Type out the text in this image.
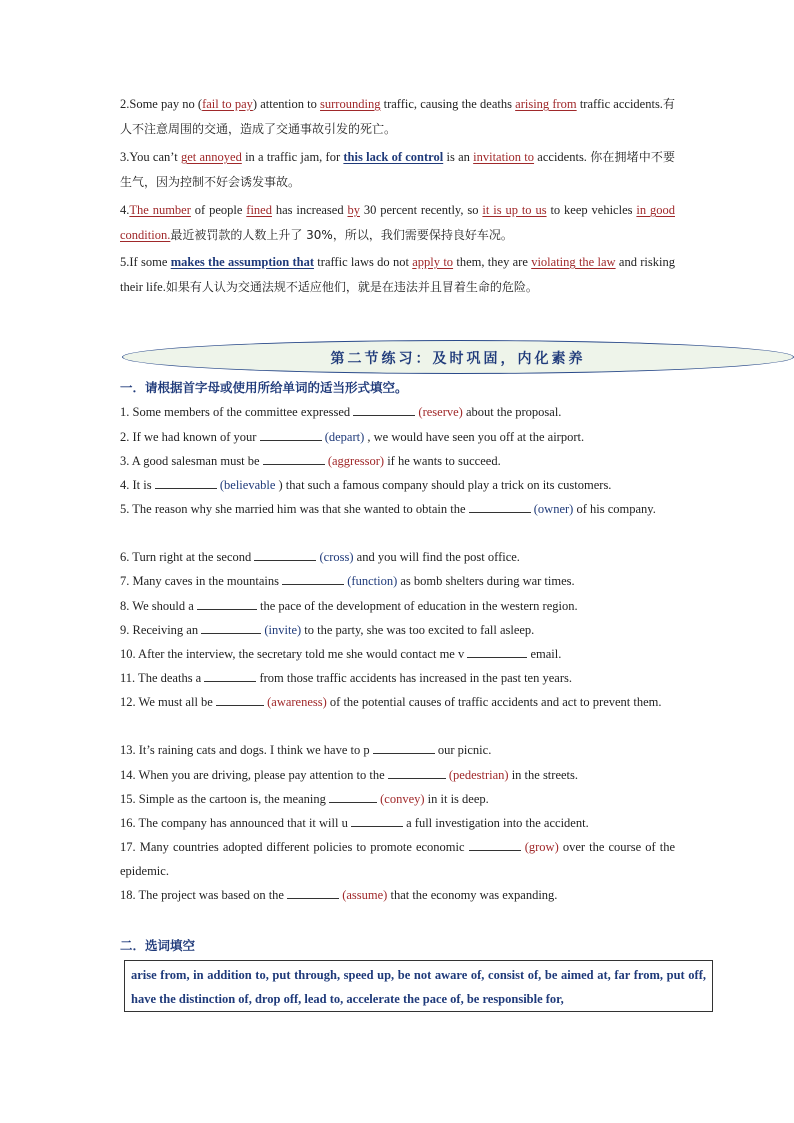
2.Some pay no (fail to pay) attention to surrounding traffic, causing the deaths arising from traffic accidents.有人不注意周围的交通，造成了交通事故引发的死亡。

3.You can’t get annoyed in a traffic jam, for this lack of control is an invitation to accidents. 你在拥堵中不要生气，因为控制不好会诱发事故。

4.The number of people fined has increased by 30 percent recently, so it is up to us to keep vehicles in good condition.最近被罚款的人数上升了 30%，所以，我们需要保持良好车况。

5.If some makes the assumption that traffic laws do not apply to them, they are violating the law and risking their life.如果有人认为交通法规不适应他们，就是在违法并且冒着生命的危险。

第二节练习：及时巩固，内化素养
一．请根据首字母或使用所给单词的适当形式填空。

1. Some members of the committee expressed	(reserve) about the proposal.

2. If we had known of your	(depart) , we would have seen you off at the airport.

3. A good salesman must be	(aggressor) if he wants to succeed.

4. It is	(believable ) that such a famous company should play a trick on its customers.

5. The reason why she married him was that she wanted to obtain the	(owner) of his company.

6. Turn right at the second	(cross) and you will find the post office.

7. Many caves in the mountains	(function) as bomb shelters during war times.

8. We should a	the pace of the development of education in the western region.

9. Receiving an	(invite) to the party, she was too excited to fall asleep.

10. After the interview, the secretary told me she would contact me v	email.

11. The deaths a	from those traffic accidents has increased in the past ten years.

12. We must all be	(awareness) of the potential causes of traffic accidents and act to prevent them.

13. It’s raining cats and dogs. I think we have to p	our picnic.

14. When you are driving, please pay attention to the	(pedestrian) in the streets.

15. Simple as the cartoon is, the meaning	(convey) in it is deep.

16. The company has announced that it will u	a full investigation into the accident.

17. Many countries adopted different policies to promote economic	(grow) over the course of the epidemic.

18. The project was based on the	(assume) that the economy was expanding.

二．选词填空
arise from, in addition to, put through, speed up, be not aware of, consist of, be aimed at, far from, put off, have the distinction of, drop off, lead to, accelerate the pace of, be responsible for,
